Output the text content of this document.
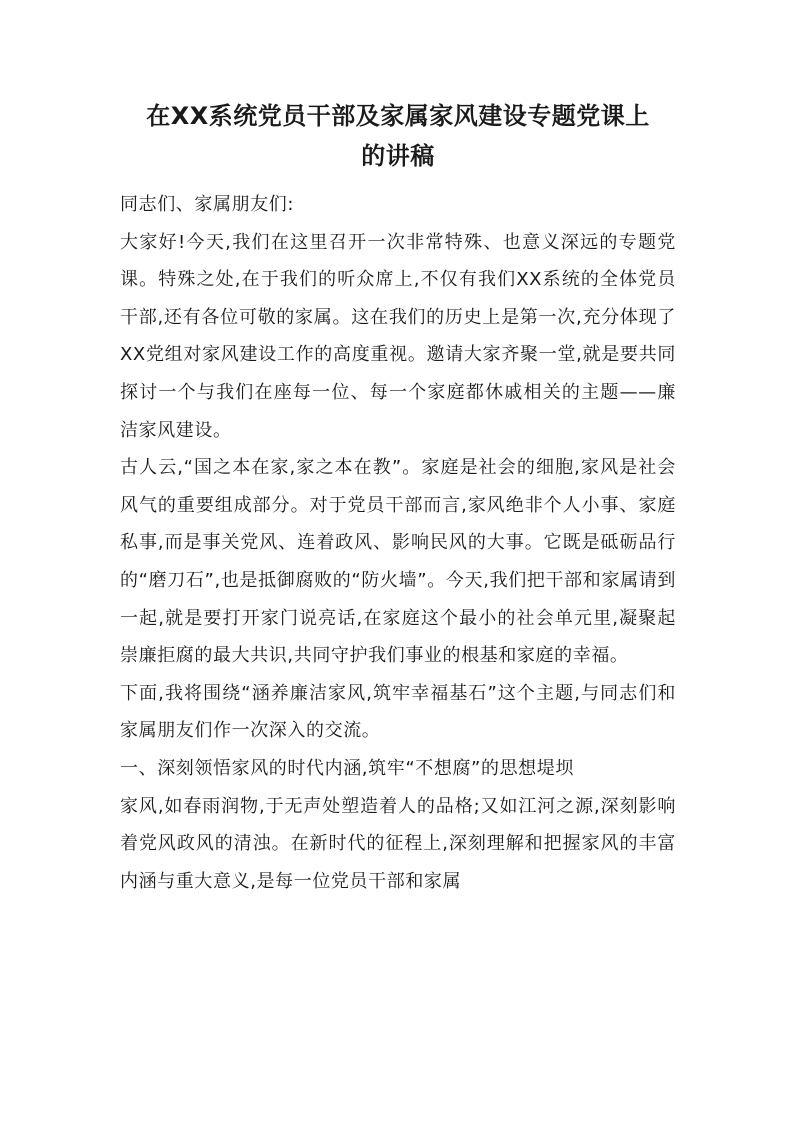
在XX系统党员干部及家属家风建设专题党课上
的讲稿

同志们、家属朋友们:

大家好!今天,我们在这里召开一次非常特殊、也意义深远的专题党课。特殊之处,在于我们的听众席上,不仅有我们XX系统的全体党员干部,还有各位可敬的家属。这在我们的历史上是第一次,充分体现了XX党组对家风建设工作的高度重视。邀请大家齐聚一堂,就是要共同探讨一个与我们在座每一位、每一个家庭都休戚相关的主题——廉洁家风建设。

古人云,“国之本在家,家之本在教”。家庭是社会的细胞,家风是社会风气的重要组成部分。对于党员干部而言,家风绝非个人小事、家庭私事,而是事关党风、连着政风、影响民风的大事。它既是砥砺品行的“磨刀石”,也是抵御腐败的“防火墙”。今天,我们把干部和家属请到一起,就是要打开家门说亮话,在家庭这个最小的社会单元里,凝聚起崇廉拒腐的最大共识,共同守护我们事业的根基和家庭的幸福。

下面,我将围绕“涵养廉洁家风,筑牢幸福基石”这个主题,与同志们和家属朋友们作一次深入的交流。

一、深刻领悟家风的时代内涵,筑牢“不想腐”的思想堤坝

家风,如春雨润物,于无声处塑造着人的品格;又如江河之源,深刻影响着党风政风的清浊。在新时代的征程上,深刻理解和把握家风的丰富内涵与重大意义,是每一位党员干部和家属
